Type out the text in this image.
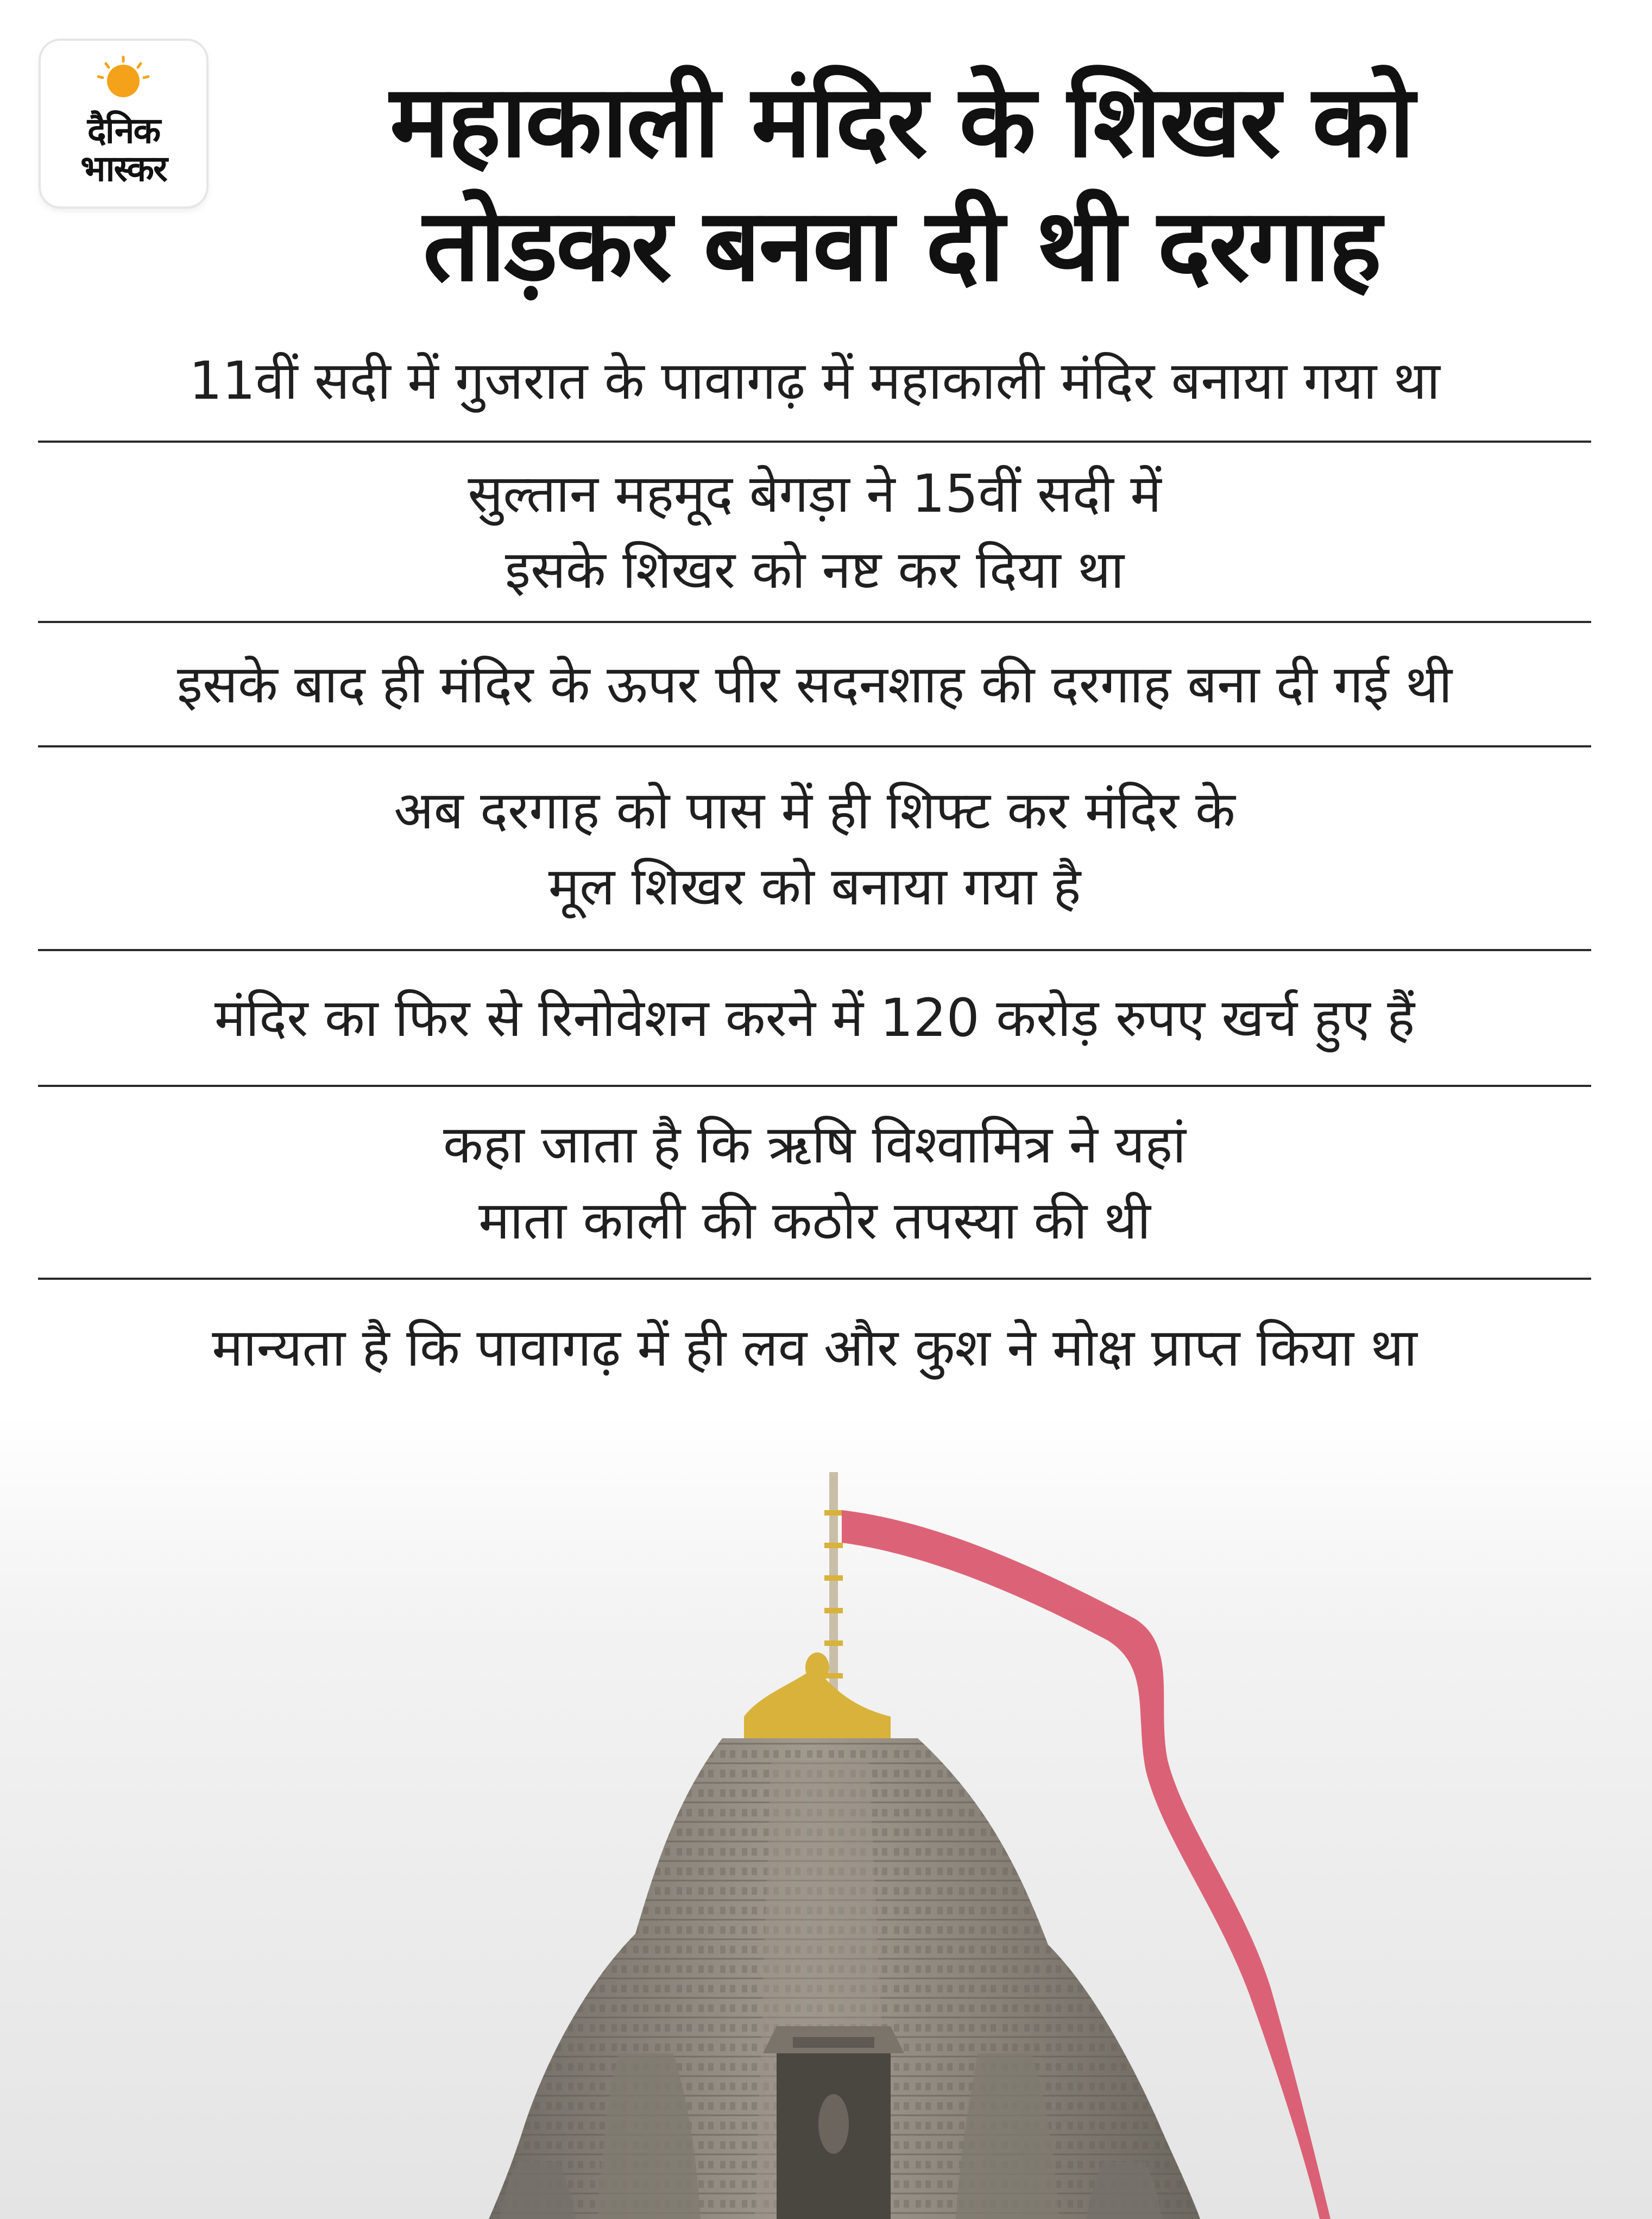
दैनिक
भास्कर	महाकाली मंदिर के शिखर को
तोड़कर बनवा दी थी दरगाह
11वीं सदी में गुजरात के पावागढ़ में महाकाली मंदिर बनाया गया था
सुल्तान महमूद बेगड़ा ने 15वीं सदी में
इसके शिखर को नष्ट कर दिया था
इसके बाद ही मंदिर के ऊपर पीर सदनशाह की दरगाह बना दी गई थी
अब दरगाह को पास में ही शिफ्ट कर मंदिर के
मूल शिखर को बनाया गया है
मंदिर का फिर से रिनोवेशन करने में 120 करोड़ रुपए खर्च हुए हैं
कहा जाता है कि ऋषि विश्वामित्र ने यहां
माता काली की कठोर तपस्या की थी
मान्यता है कि पावागढ़ में ही लव और कुश ने मोक्ष प्राप्त किया था
